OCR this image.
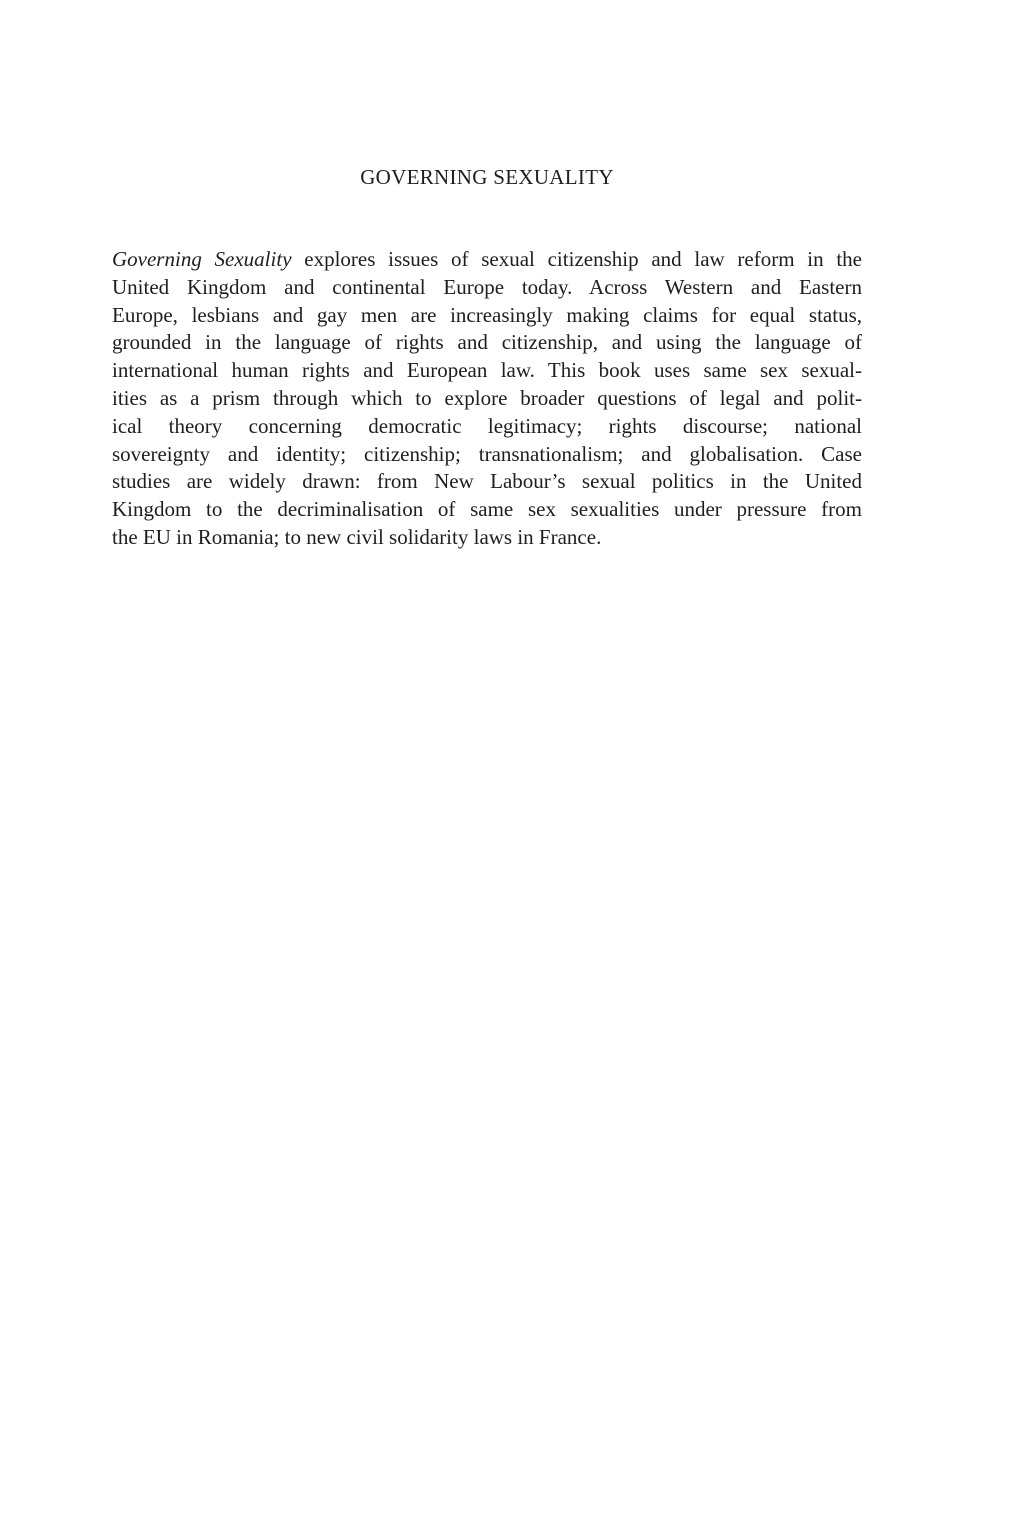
GOVERNING SEXUALITY
Governing Sexuality explores issues of sexual citizenship and law reform in the
United Kingdom and continental Europe today. Across Western and Eastern
Europe, lesbians and gay men are increasingly making claims for equal status,
grounded in the language of rights and citizenship, and using the language of
international human rights and European law. This book uses same sex sexual-
ities as a prism through which to explore broader questions of legal and polit-
ical theory concerning democratic legitimacy; rights discourse; national
sovereignty and identity; citizenship; transnationalism; and globalisation. Case
studies are widely drawn: from New Labour’s sexual politics in the United
Kingdom to the decriminalisation of same sex sexualities under pressure from
the EU in Romania; to new civil solidarity laws in France.
